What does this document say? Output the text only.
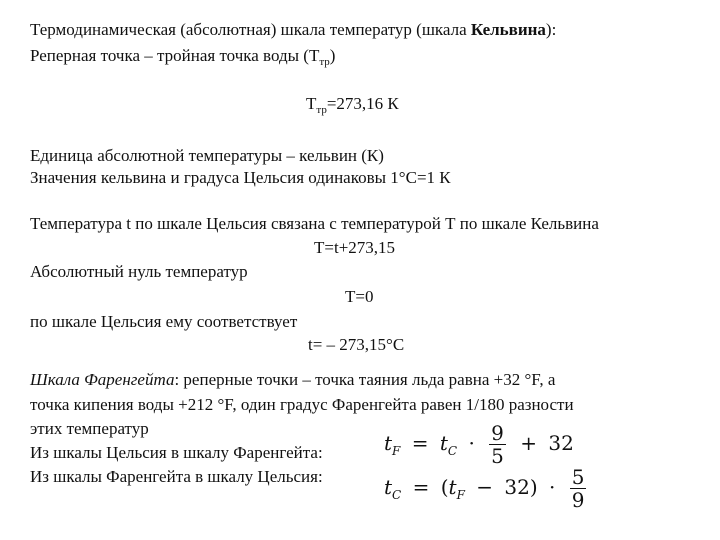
Термодинамическая (абсолютная) шкала температур (шкала Кельвина):
Реперная точка – тройная точка воды $(Т_{тр})$
$Т_{тр}=273,16$ К
Единица абсолютной температуры – кельвин (К)
Значения кельвина и градуса Цельсия одинаковы 1°С=1 К
Температура t по шкале Цельсия связана с температурой Т по шкале Кельвина
Т=t+273,15
Абсолютный нуль температур
Т=0
по шкале Цельсия ему соответствует
t= – 273,15°С
Шкала Фаренгейта: реперные точки – точка таяния льда равна +32 °F, а
точка кипения воды +212 °F, один градус Фаренгейта равен 1/180 разности
этих температур
Из шкалы Цельсия в шкалу Фаренгейта:
Из шкалы Фаренгейта в шкалу Цельсия:
$t_F = t_C \cdot \frac{9}{5} + 32$
$t_C = (t_F - 32) \cdot \frac{5}{9}$
